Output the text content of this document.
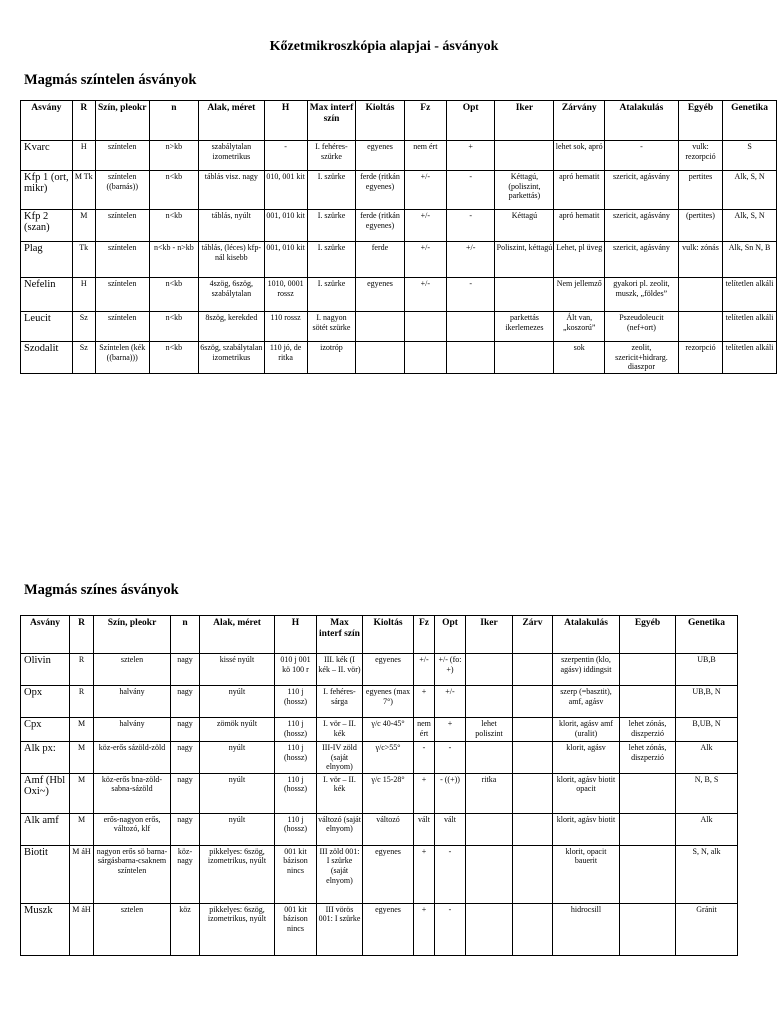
Kőzetmikroszkópia alapjai - ásványok
Magmás színtelen ásványok
Asvány	R	Szín, pleokr	n	Alak, méret	H	Max interf szín	Kioltás	Fz	Opt	Iker	Zárvány	Atalakulás	Egyéb	Genetika
Kvarc	H	színtelen	n>kb	szabálytalan izometrikus	-	I. fehéres-szürke	egyenes	nem ért	+		lehet sok, apró	-	vulk: rezorpció	S
Kfp 1 (ort, mikr)	M Tk	színtelen ((barnás))	n<kb	táblás visz. nagy	010, 001 kit	I. szürke	ferde (ritkán egyenes)	+/-	-	Kéttagú, (poliszint, parkettás)	apró hematit	szericit, agásvány	pertites	Alk, S, N
Kfp 2 (szan)	M	színtelen	n<kb	táblás, nyúlt	001, 010 kit	I. szürke	ferde (ritkán egyenes)	+/-	-	Kéttagú	apró hematit	szericit, agásvány	(pertites)	Alk, S, N
Plag	Tk	színtelen	n<kb - n>kb	táblás, (léces) kfp-nál kisebb	001, 010 kit	I. szürke	ferde	+/-	+/-	Poliszint, kéttagú	Lehet, pl üveg	szericit, agásvány	vulk: zónás	Alk, Sn N, B
Nefelin	H	színtelen	n<kb	4szög, 6szög, szabálytalan	1010, 0001 rossz	I. szürke	egyenes	+/-	-		Nem jellemző	gyakori pl. zeolit, muszk, „földes”		telítetlen alkáli
Leucit	Sz	színtelen	n<kb	8szög, kerekded	110 rossz	I. nagyon sötét szürke				parkettás ikerlemezes	Ált van, „koszorú”	Pszeudoleucit (nef+ort)		telítetlen alkáli
Szodalit	Sz	Színtelen (kék ((barna)))	n<kb	6szög, szabálytalan izometrikus	110 jó, de ritka	izotróp					sok	zeolit, szericit+hidrarg. diaszpor	rezorpció	telítetlen alkáli
Magmás színes ásványok
Asvány	R	Szín, pleokr	n	Alak, méret	H	Max interf szín	Kioltás	Fz	Opt	Iker	Zárv	Atalakulás	Egyéb	Genetika
Olivin	R	sztelen	nagy	kissé nyúlt	010 j 001 kö 100 r	III. kék (I kék – II. vör)	egyenes	+/-	+/- (fo: +)			szerpentin (klo, agásv) iddingsit		UB,B
Opx	R	halvány	nagy	nyúlt	110 j (hossz)	I. fehéres-sárga	egyenes (max 7°)	+	+/-			szerp (=basztit), amf, agásv		UB,B, N
Cpx	M	halvány	nagy	zömök nyúlt	110 j (hossz)	I. vör – II. kék	γ/c 40-45°	nem ért	+	lehet poliszint		klorit, agásv amf (uralit)	lehet zónás, diszperzió	B,UB, N
Alk px:	M	köz-erős sázöld-zöld	nagy	nyúlt	110 j (hossz)	III-IV zöld (saját elnyom)	γ/c>55°	-	-			klorit, agásv	lehet zónás, diszperzió	Alk
Amf (Hbl Oxi~)	M	köz-erős bna-zöld-sabna-sázöld	nagy	nyúlt	110 j (hossz)	I. vör – II. kék	γ/c 15-28°	+	- ((+))	ritka		klorit, agásv biotit opacit		N, B, S
Alk amf	M	erős-nagyon erős, változó, klf	nagy	nyúlt	110 j (hossz)	változó (saját elnyom)	változó	vált	vált			klorit, agásv biotit		Alk
Biotit	M áH	nagyon erős sö barna-sárgásbarna-csaknem színtelen	köz-nagy	pikkelyes: 6szög, izometrikus, nyúlt	001 kit bázison nincs	III zöld 001: I szürke (saját elnyom)	egyenes	+	-			klorit, opacit bauerit		S, N, alk
Muszk	M áH	sztelen	köz	pikkelyes: 6szög, izometrikus, nyúlt	001 kit bázison nincs	III vörös 001: I szürke	egyenes	+	-			hidrocsill		Gránit
